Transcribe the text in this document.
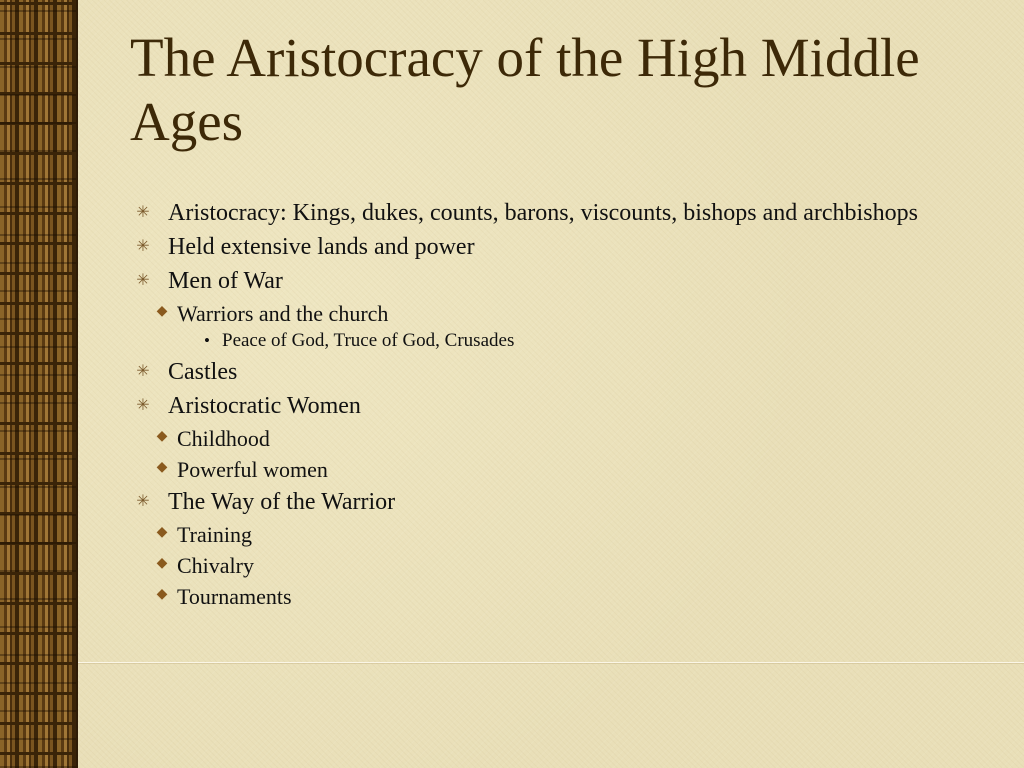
The Aristocracy of the High Middle Ages
✳ Aristocracy: Kings, dukes, counts, barons, viscounts, bishops and archbishops
✳ Held extensive lands and power
✳ Men of War
◆ Warriors and the church
• Peace of God, Truce of God, Crusades
✳ Castles
✳ Aristocratic Women
◆ Childhood
◆ Powerful women
✳ The Way of the Warrior
◆ Training
◆ Chivalry
◆ Tournaments
